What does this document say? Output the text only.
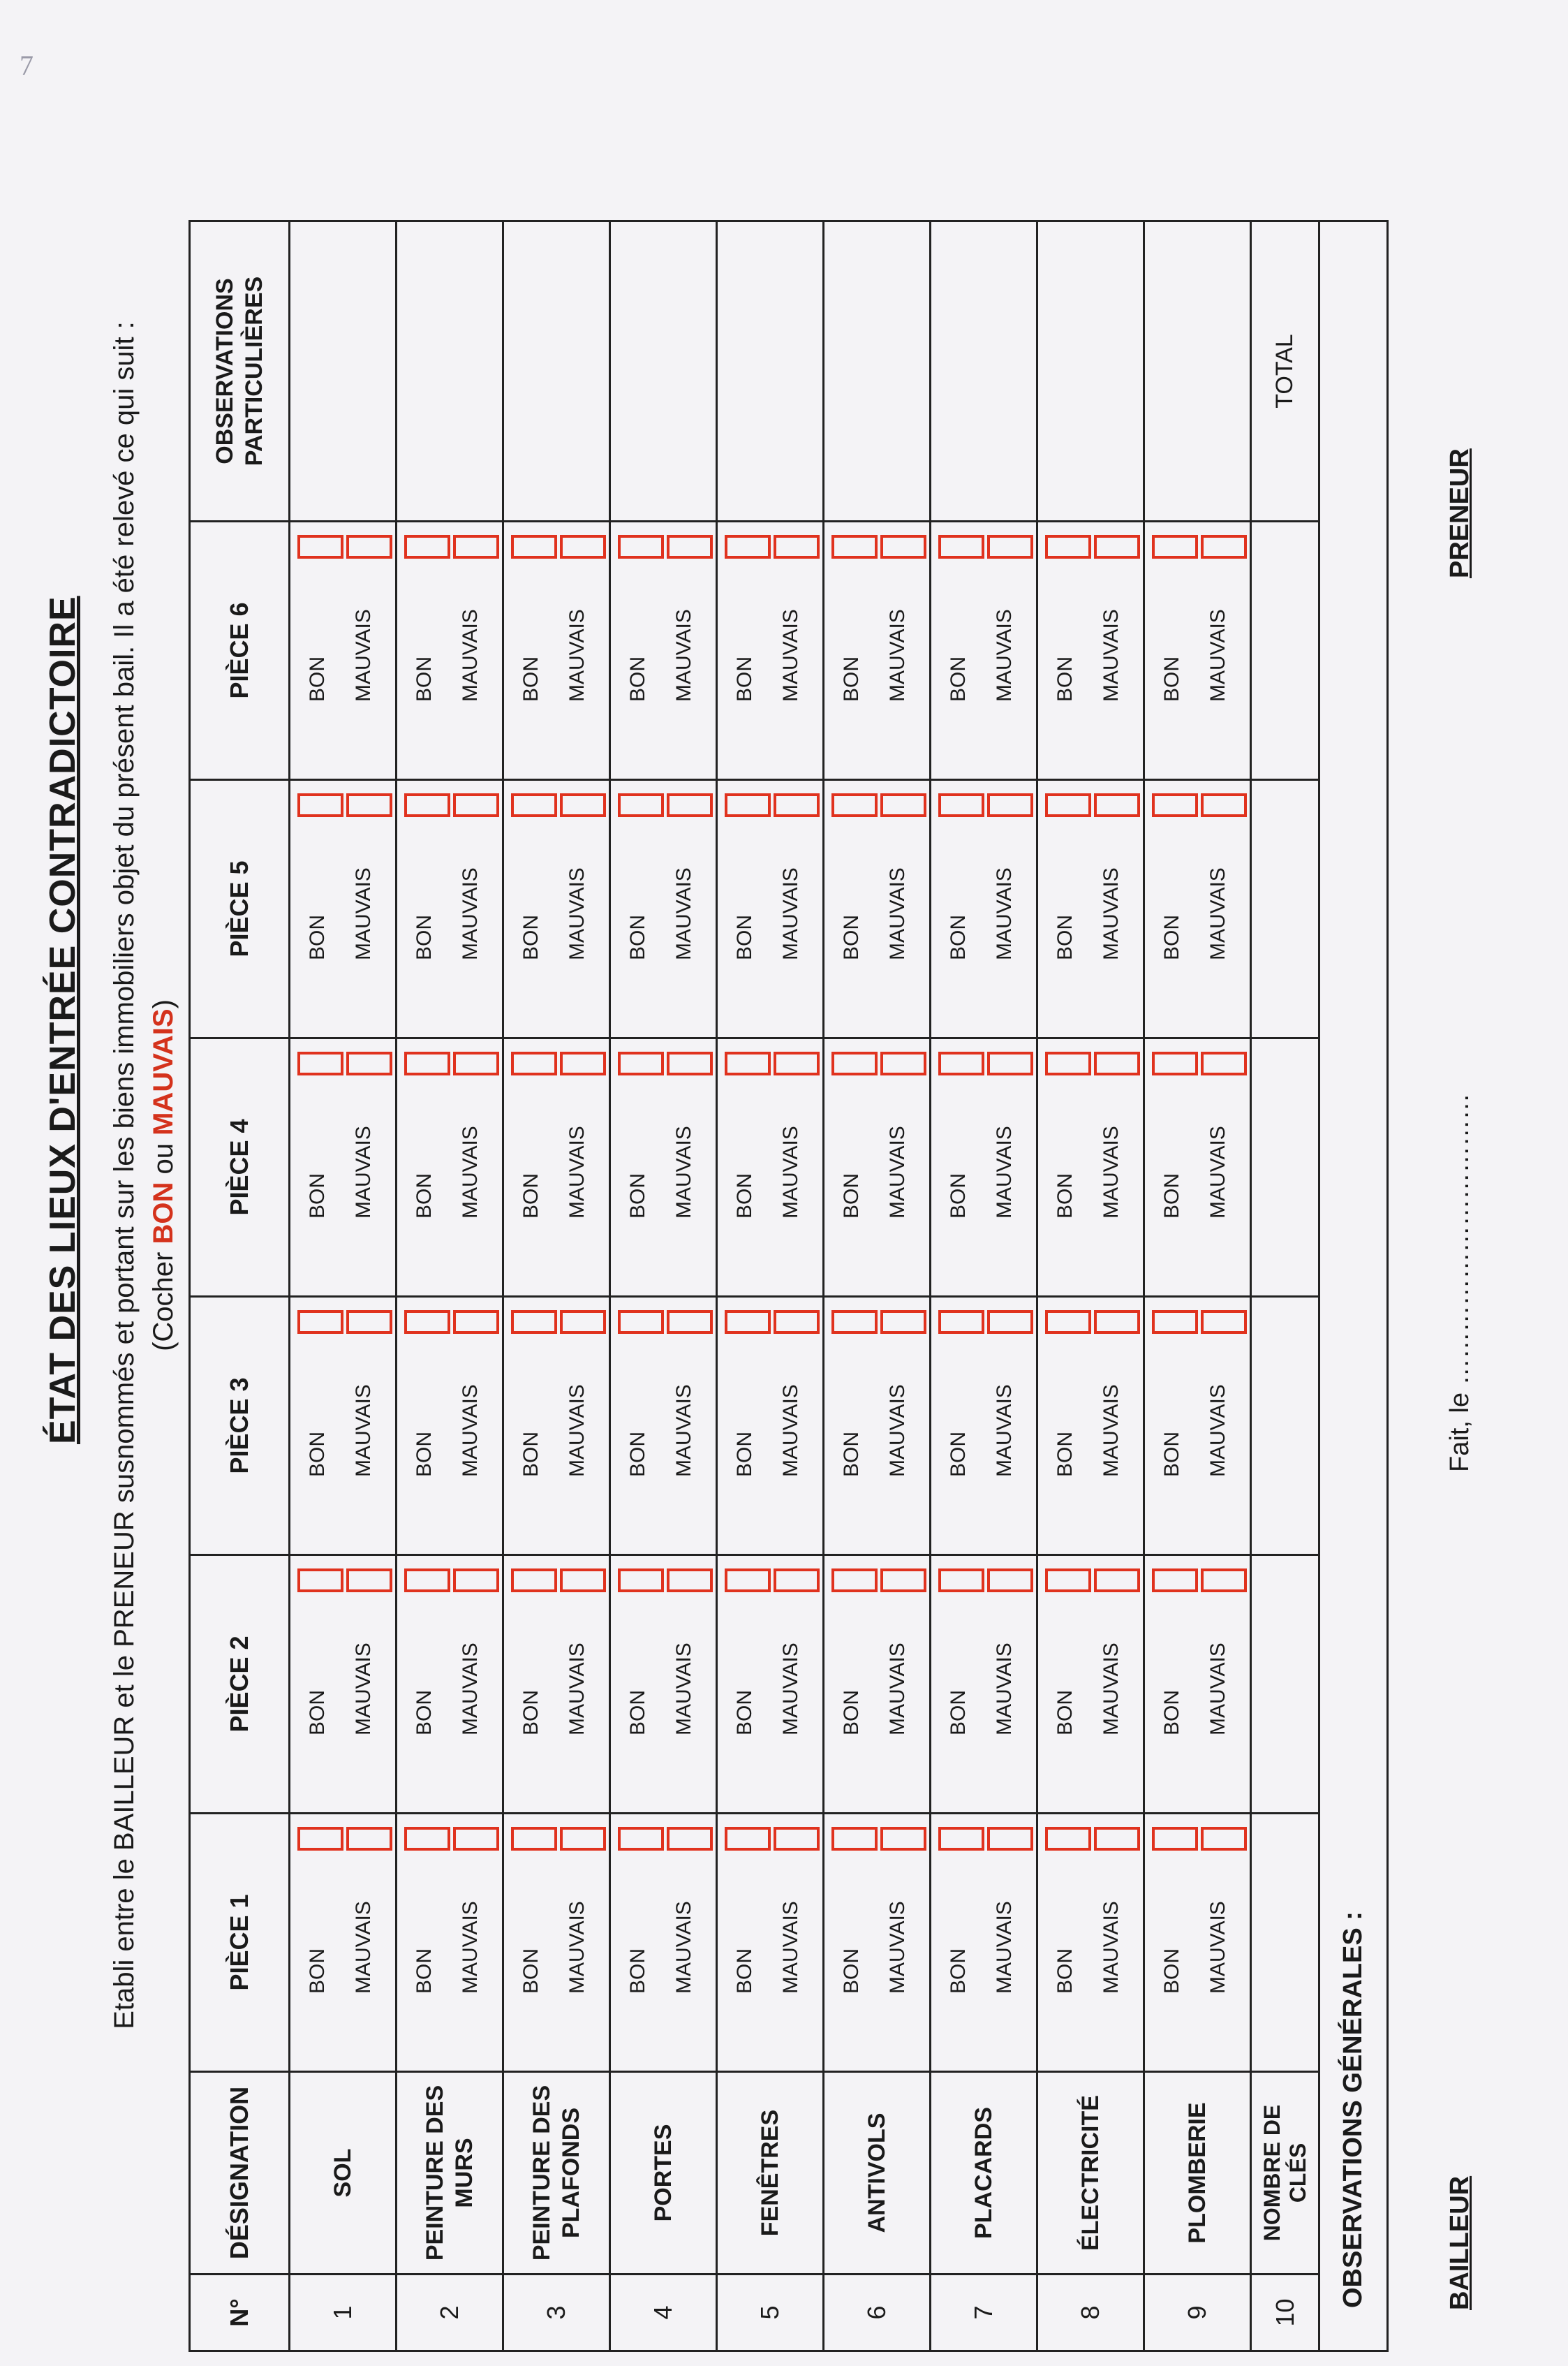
7
ÉTAT DES LIEUX D'ENTRÉE CONTRADICTOIRE Etabli entre le BAILLEUR et le PRENEUR susnommés et portant sur les biens immobiliers objet du présent bail. Il a été relevé ce qui suit : (Cocher BON ou MAUVAIS)
N°	DÉSIGNATION	PIÈCE 1	PIÈCE 2	PIÈCE 3	PIÈCE 4	PIÈCE 5	PIÈCE 6	OBSERVATIONS PARTICULIÈRES

1	SOL	BON MAUVAIS	BON MAUVAIS	BON MAUVAIS	BON MAUVAIS	BON MAUVAIS	BON MAUVAIS	

2	PEINTURE DES MURS	BON MAUVAIS	BON MAUVAIS	BON MAUVAIS	BON MAUVAIS	BON MAUVAIS	BON MAUVAIS	

3	PEINTURE DES PLAFONDS	BON MAUVAIS	BON MAUVAIS	BON MAUVAIS	BON MAUVAIS	BON MAUVAIS	BON MAUVAIS	

4	PORTES	BON MAUVAIS	BON MAUVAIS	BON MAUVAIS	BON MAUVAIS	BON MAUVAIS	BON MAUVAIS	

5	FENÊTRES	BON MAUVAIS	BON MAUVAIS	BON MAUVAIS	BON MAUVAIS	BON MAUVAIS	BON MAUVAIS	

6	ANTIVOLS	BON MAUVAIS	BON MAUVAIS	BON MAUVAIS	BON MAUVAIS	BON MAUVAIS	BON MAUVAIS	

7	PLACARDS	BON MAUVAIS	BON MAUVAIS	BON MAUVAIS	BON MAUVAIS	BON MAUVAIS	BON MAUVAIS	

8	ÉLECTRICITÉ	BON MAUVAIS	BON MAUVAIS	BON MAUVAIS	BON MAUVAIS	BON MAUVAIS	BON MAUVAIS	

9	PLOMBERIE	BON MAUVAIS	BON MAUVAIS	BON MAUVAIS	BON MAUVAIS	BON MAUVAIS	BON MAUVAIS	

10	NOMBRE DE CLÉS							TOTAL
OBSERVATIONS GÉNÉRALES :									BAILLEUR
Fait, le ……………………………
PRENEUR
